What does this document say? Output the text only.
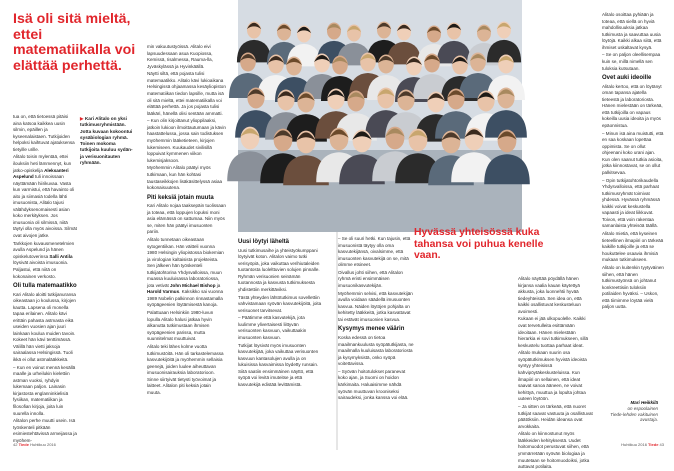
Isä oli sitä mieltä, ettei matematiikalla voi elättää perhettä.

tua on, että tietoessä pitäisi aina katsoa kaikkea uusin silmin, epäillen ja kyseenalaistaen. Tutkijoiden helpoksi kaihtuvat ajatuksensa tietyille urille.

Alitalo toisin mylentää, ettei ilouksiin heti lämmennyt, kun jatko-opiskelija Aleksanteri Aspelund tuli innoissaan näyttämään hiirikuvaa. Vasta kun varmistui, että havainto oli aito ja siimasiä todella lähti imusuonista, Alitalo tajusi välähdyksenomaisesti asian koko merkityksen. Jos imusuonia oli silmissä, niitä täytyi olla myös aivoissa. Silmät ovat aivojen jatke.

Tarkkojen kuvausmenetelmien avulla Aspelund ja hänen opiskelutoverinsa Salli Antila löysivät aivoista imusuonia. Paljastui, että niitä on kokonainen verkosto.

Oli tulla matemaatikko

Kari Alitalo aloitti tutkijanuransa oikeastaan jo koulussa, kirjojen kautta. Lapsena oli monella tapaa erilainen. Alitalo kävi erittäin pahasta astmasta eikä useiden vuosien ajan juuri lainkaan koulua muiden tavoin. Kokeet hän kävi tenttimässä. Välillä hän vietti jaksoja sairaalassa Helsingissä. Tuoli ikkä ei ollut astmalääkkeitä.

– Kun en voinut mennä kesällä maalle ja urheilukin kielettiin astman vuoksi, ryhdyin lukemaan paljon. Lainasin kirjastosta englanninkielisiä fysiikan, matematiikan ja filosofian kirjoja, joita luin suurella innolla.

Alitalon perhe muutti usein. Isä työskenteli pitkään esimiestehtävissä armeijassa ja myöhem-

▶ Kari Alitalo on yksi tutkimusryhmistään. Jotta kuvaan kokoontui sysäbiologian ryhmä. Toinen mokoma tutkijoita kuuluu sydän- ja verisuonitauten ryhmään.

min vakuutustyöissä. Alitalo eivi lapsuudessaan asua Kuopiossa, Kemissä, Iisalmessa, Rauma-lla, Jyväskylässä ja Hyvinkäällä.

Näytti siltä, että pojasta tulisi matemaatikko. Alitalo kävi lukioaikana Helsingissä ohjaamassa kesäyliopiston matematiikan tiedon lapsille, mutta isä oli sitä mieltä, ettei matematiikalla voi elättää perhettä. Ja jos pojasta tulisi lääkäri, hänellä olisi sentään ammatti.

– Kun olin kirjoittanut ylioppilaaksi, jatkoin lukioon ilmoittautumaan ja kävin haastattelussa, jossa sain todistuksen myöhemmin lääketieteen, kirjojen lukemiseen. Kuukaudet sivilisillä loppuivat kymmenen viikon lukemisjaksoon.

Myöhemmin Alitalo päätyi myös tutkimaan, kun hän kohtasi taustaseikkojen lisäkäsittelyssä asiaa kokonaisuutena.

Piti keksiä jotain muuta

Kari Alitalo nojaa taaksepäin tuolissaan ja toteaa, että loppujen lopuksi moni asia elämässä on sattumaa. Niin myös se, miten hän päätyi imusuonten pariin.

Alitalo tunnetaan oikeastaan sytogentiikan. Hän väitteli vuonna 1980 Helsingin yliopistossa biokemian ja virologian kaltaisista projekteista. Sen jälkeen hän työskenteli tutkijatohtorina Yhdysvalloissa, muun muassa kuuluisassa laboratoriossa, jota vetivät John Michael Bishop ja Harold Varmus. Kaksikko sai vuonna 1989 Nobelin palkinnon rinnastamalla syöpägeenien löytämisestä kanoja.

Palattuaan Helsinkiin 1980-luvun lopulla Alitalo halusi jatkaa hyvin alkanutta tutkimustaan ihmisen syöpägeenien parissa, mutta suunnitelmat muuttuivat.

Alitalo teki lähes kolme vuotta tutkimustöitä. Hän oli tarkastelemassa kasvutekijöitä ja myöhemmin sellaisia geenejä, joiden luulee aiheuttavan imusuonisairauksia laboratorioon. Sinne siirtyivät tietysti työvoimat ja laitteet. Alitalon piti keksiä jotain muuta.

Uusi löytyi läheltä

Uusi tutkimusaihe ja yhteistyökumppani löytyivät koton. Alitalon vaimo tutki verisyöpiä, joka vaikuttaa verihiutaleiden tuotantosta luolelttuvien solujen pinnalle. Ryhmän verisuonien seinämän tuotannosta ja kasvusta tutkimuksesta yhdistettiin merkittäviksi.

Tästä yhteyden lähtötutkimus sovellettiin vahvistamaan syövän kasvutekijöitä, joita verisuonet tarvitsevat.

– Päätimme että kasvutekijä, jota luulimme ylivertaisesti liittyvän verisuonten kasvuun, vaikuttaakin imusuonten kasvuun.

Tutkijat löysivät myös imusuonten kasvutekijää, joka vaikuttaa verisuonten kasvuun kantasolujen avulla ja on lukuisissa kasvaimissa löydetty runsain. Siitä saatiin ensimmäinen näyttö, että syöpä voi levitä imuteitse ja että kasvutekijä edistää levittämistä.

42 Tiede Huhtikuu 2016

– Se oli suuri hetki. Kun tajusin, että imusuonistä täytyy olla oma kasvutekijänsä, oivalsimme, että imusuonten kasvutekijä on se, mitä olimme etsineet.

Oivallus johti siihen, että Alitalon ryhmä eristi ensimmäisen imusuonikasvutekijän.

Myöhemmin selvisi, että kasvutekijän avulla voidaan säädellä imusuonten kasvua. Näiden löytöjen pohjalta on kehitetty lääkkeitä, jotka kasvattavat tai estävät imusuonien kasvua.

Kysymys menee väärin

Koska edessä on tietoa maailmankuulusta syöpätutkijasta, ne maailmalla kuuluisasta laboratoriosta ja kysymyksistä, onko syöpä voitettavissa.

– Syövän hoitotulokset paranevat koko ajan, ja Suomi on hoidon kärkimaita. Haluaisimme nähdä syövän muuttuvan krooniseksi sairaudeksi, jonka kanssa voi elää.

Alitalo näyttää pöydällä hänen kirjansa vaalia kauan käytettyä akkusta, joka luonnehtii hyvää tiedeyhteisöä. Sen idea on, että kaikki osallistuvat keskusteluun avoimesti.

Kukaan ei jää ulkopuolelle. Kaikki ovat tervetulleita esittämään ideoitaan. Hänen mielestään hierarkia ei sovi tutkimukseen, sillä keskustelu tuottaa parhaat ideat.

Alitalo mukaan suurin osa syöpätutkimuksen hyvistä ideoista syntyy yhteisissä kahvipöytäkeskusteluissa. Kun ilmapiiri on sellainen, että ideat saavat sanoa ääneen, ne voivat kehittyä, muuttua ja lopulta johtaa uuteen löytöön.

– Ja sitten on tärkeää, että nuoret tutkijat saavat vastuuta ja osallistuvat päätöksiin. Heidän ideansa ovat arvokkaita.

Alitalo on kiinnostunut myös lääkkeiden kehityksestä. Uudet hoitomuodot perustuvat siihen, että ymmärretään syövän biologiaa ja muutetaan se hoitomuodoiksi, jotka auttavat potilaita.

Alitalo osoittaa pyhiään ja toteaa, että siellä on hyviä mahdollisuuksia jatkaa tutkimusta ja saavuttaa uusia löytöjä. Kaikki alkaa siitä, että ihmiset uskaltavat kysyä.

– Se on paljon oleellisempaa kuin se, millä nimellä sen tuloksia kutsutaan.

Ovet auki ideoille

Alitalo kertoo, että on löytänyt oman tapansa ajatella tieteestä ja laboratoriosta. Hänen mielestään on tärkeää, että tutkijoilla on vapaus kokeilla uusia ideoita ja myös epäonnistua.

– Minun isä aina muistutti, että en saa koskaan lopettaa oppimista. Se on ollut ohjeenani koko urani ajan. Kun olen saanut tutkia asioita, jotka kiinnostavat, se on ollut palkitsevaa.

– Opin tutkijatohtorikaudella Yhdysvalloissa, että parhaat tutkimusryhmät toimivat yhdessä. Hyvässä ryhmässä kaikki voivat keskustella vapaasti ja ideat liikkuvat. Toivon, että voin rakentaa samanlaista yhteisöä täällä.

Alitalo mietiä, että kyseinen tieteellinen ilmapiiri on tärkeää kaikille tutkijoille ja että se houkuttelee osaavia ihmisiä mukaan tutkimukseen.

Alitalo on kuitenkin tyytyväinen siihen, että hänen tutkimustyönsä on johtanut konkreettisiin tuloksiin potilaiden hyväksi. – Uskon, että tiimimme löytää vielä paljon uutta.

Huhtikuu 2016 Tiede 43
Hyvässä yhteisössä kuka tahansa voi puhua kenelle vaan.
Mari Heikkilä
on espoolainen
Tiede-lehden vakituinen avustaja.
